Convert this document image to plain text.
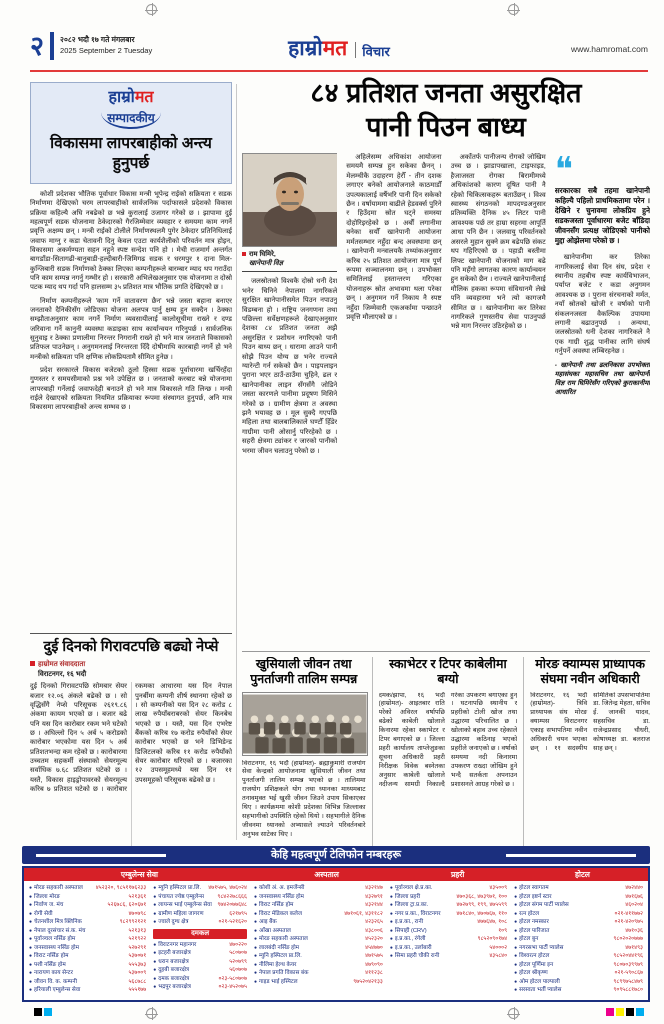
२ २०८२ भदौ १७ गते मंगलबार
2025 September 2 Tuesday	हाम्रोमत विचार	www.hamromat.com
हाम्रोमत
सम्पादकीय
विकासमा लापरबाहीको अन्त्य हुनुपर्छ

कोशी प्रदेशका भौतिक पूर्वाधार विकास मन्त्री भूपेन्द्र राईको सक्रियता र सडक निर्माणमा देखिएको चरम लापरबाहीको सार्वजनिक पर्दाफासले प्रदेशको विकास प्रक्रिया कहिल्यै अघि नबढेको छ भन्ने कुरालाई उजागर गरेको छ । झापामा दुई महत्वपूर्ण सडक योजनामा ठेकेदारको गैरजिम्मेवार व्यवहार र समयमा काम नगर्ने प्रवृत्ति अक्षम्य छन् । मन्त्री राईको टोलीले निर्माणस्थलमै पुगेर ठेकेदार प्रतिनिधिलाई जवाफ माग्नु र कडा चेतावनी दिनु केवल एउटा कार्यशैलीको परिवर्तन मात्र होइन, विकासमा अकर्मण्यता सहन नहुने स्पष्ट सन्देश पनि हो । मेची राजमार्ग अन्तर्गत बागडाँडा-सितागढी-बानुबाडी-हल्दीबारी-जिमिगढ सडक र धरमपुर १ दाना मिल-कुन्जिबारी सडक निर्माणको ठेक्का लिएका कम्पनीहरूले बारम्बार म्याद थप गराउँदा पनि काम सम्पन्न नगर्नु गम्भीर हो । सरकारी अभिलेखअनुसार एक योजनामा त दोस्रो पटक म्याद थप गर्दा पनि हालसम्म ३५ प्रतिशत मात्र भौतिक प्रगति देखिएको छ ।

निर्माण कम्पनीहरूले 'काम गर्ने वातावरण छैन' भन्ने जस्ता बहाना बनाएर जनताको दैनिकीसँग जोडिएका योजना अलपत्र पार्नु क्षम्य हुन सक्दैन । ठेक्का सम्झौताअनुसार काम नगर्ने निर्माण व्यवसायीलाई कालोसूचीमा राख्ने र दण्ड जरिवाना गर्ने कानुनी व्यवस्था कडाइका साथ कार्यान्वयन गरिनुपर्छ । सार्वजनिक सुनुवाइ र ठेक्का प्रणालीमा निरन्तर निगरानी राख्ने हो भने मात्र जनताले विकासको प्रतिफल पाउनेछन् । अनुगमनलाई निरन्तरता दिँदै दोषीमाथि कारबाही नगर्ने हो भने मन्त्रीको सक्रियता पनि क्षणिक लोकप्रियतामै सीमित हुनेछ ।

प्रदेश सरकारले विकास बजेटको ठूलो हिस्सा सडक पूर्वाधारमा खर्चिरहँदा गुणस्तर र समयसीमाको प्रश्न भने उपेक्षित छ । जनताको करबाट बन्ने योजनामा लापरबाही गर्नेलाई जवाफदेही बनाउने हो भने मात्र विकासले गति लिन्छ । मन्त्री राईले देखाएको सक्रियता नियमित प्रक्रियाका रूपमा संस्थागत हुनुपर्छ, अनि मात्र विकासमा लापरबाहीको अन्त्य सम्भव छ ।

दुई दिनको गिरावटपछि बढ्यो नेप्से
हाम्रोमत संवाददाता
विराटनगर, १६ भदौ
दुई दिनको गिरावटपछि सोमबार सेयर बजार १२.०६ अंकले बढेको छ । सो वृद्धिसँगै नेप्से परिसूचक २६१९.८६ अंकमा कायम भएको छ । बजार बढे पनि यस दिन कारोबार रकम भने घटेको छ । अघिल्लो दिन ५ अर्ब ५ करोडको कारोबार भएकोमा यस दिन ५ अर्ब प्रतिशतभन्दा कम रहेको छ । कारोबारमा उच्चतम सहकर्मी संस्थाको सेयरमूल्य सर्वाधिक ७.६८ प्रतिशत घटेको छ । यस्तै, विकास हाइड्रोपावरको सेयरमूल्य करिब ७ प्रतिशत घटेको छ । कारोबार रकमका आधारमा यस दिन नेपाल पुनर्बीमा कम्पनी शीर्ष स्थानमा रहेको छ । सो कम्पनीको यस दिन २८ करोड ८ लाख रुपैयाँबराबरको सेयर किनबेच भएको छ । यस्तै, यस दिन एभरेष्ट बैंकको करिब १७ करोड रुपैयाँको सेयर कारोबार भएको छ भने डिभिडेन्ड डिजिटलको करिब ११ करोड रुपैयाँको सेयर कारोबार धरिएको छ । बजारका १२ उपसमूहमध्ये यस दिन ११ उपसमूहको परिसूचक बढेको छ ।
८४ प्रतिशत जनता असुरक्षित
पानी पिउन बाध्य
राम घिमिरे,
खानेपानी विज्ञ

जलस्रोतको विश्वकै दोस्रो धनी देश भनेर चिनिने नेपालमा नागरिकले सुरक्षित खानेपानीसमेत पिउन नपाउनु विडम्बना हो । राष्ट्रिय जनगणना तथा पछिल्ला सर्वेक्षणहरूले देखाएअनुसार देशका ८४ प्रतिशत जनता अझै असुरक्षित र प्रशोधन नगरिएको पानी पिउन बाध्य छन् । धारामा आउने पानी सोझै पिउन योग्य छ भनेर राज्यले ग्यारेन्टी गर्न सकेको छैन । पाइपलाइन पुराना भएर ठाउँ-ठाउँमा चुहिने, ढल र खानेपानीका लाइन सँगसँगै जोडिने जस्ता कारणले पानीमा प्रदूषण मिसिने गरेको छ । ग्रामीण क्षेत्रमा त अवस्था झनै भयावह छ । मूल सुक्दै गएपछि महिला तथा बालबालिकाले घण्टौँ हिँडेर गाग्रीमा पानी ओसार्नु परिरहेको छ । सहरी क्षेत्रमा ट्यांकर र जारको पानीको भरमा जीवन चलाउनु परेको छ ।

अहिलेसम्म अधिकांश आयोजना समयमै सम्पन्न हुन सकेका छैनन् । मेलम्चीकै उदाहरण हेरौँ - तीन दशक लगाएर बनेको आयोजनाले काठमाडौँ उपत्यकालाई वर्षैभरि पानी दिन सकेको छैन । वर्षायाममा बाढीले हेडवर्क्स पुरिने र हिउँदमा स्रोत घट्ने समस्या दोहोरिइरहेको छ । अर्बौं लगानीमा बनेका सयौँ खानेपानी आयोजना मर्मतसम्भार नहुँदा बन्द अवस्थामा छन् । खानेपानी मन्त्रालयकै तथ्यांकअनुसार करिब २५ प्रतिशत आयोजना मात्र पूर्ण रूपमा सञ्चालनमा छन् । उपभोक्ता समितिलाई हस्तान्तरण गरिएका योजनाहरू स्रोत अभावमा थला परेका छन् । अनुगमन गर्ने निकाय नै स्पष्ट नहुँदा जिम्मेवारी एकअर्कामा पन्छाउने प्रवृत्ति मौलाएको छ ।

अर्कोतर्फ पानीजन्य रोगको जोखिम उच्च छ । झाडापखाला, टाइफाइड, हैजाजस्ता रोगका बिरामीमध्ये अधिकांशको कारण दूषित पानी नै रहेको चिकित्सकहरू बताउँछन् । विश्व स्वास्थ्य संगठनको मापदण्डअनुसार प्रतिव्यक्ति दैनिक ४५ लिटर पानी आवश्यक पर्छ तर हाम्रा सहरमा आपूर्ति आधा पनि छैन । जलवायु परिवर्तनको असरले मुहान सुक्ने क्रम बढेपछि संकट थप गहिरिएको छ । पहाडी बस्तीमा लिफ्ट खानेपानी योजनाको माग बढे पनि महँगो लागतका कारण कार्यान्वयन हुन सकेको छैन । राज्यले खानेपानीलाई मौलिक हकका रूपमा संविधानमै लेखे पनि व्यवहारमा भने त्यो कागजमै सीमित छ । खानेपानीमा कर तिरेका नागरिकले गुणस्तरीय सेवा पाउनुपर्छ भन्ने माग निरन्तर उठिरहेको छ ।

❝
सरकारका सबै तहमा खानेपानी कहिल्यै पहिलो प्राथमिकतामा परेन । देखिने र चुनावमा लोकप्रिय हुने सडकजस्ता पूर्वाधारमा बजेट बाँडिदा जीवनसँग प्रत्यक्ष जोडिएको पानीको मुद्दा ओझेलमा परेको छ ।

खानेपानीमा कर तिरेका नागरिकलाई सेवा दिन संघ, प्रदेश र स्थानीय तहबीच स्पष्ट कार्यविभाजन, पर्याप्त बजेट र कडा अनुगमन आवश्यक छ । पुराना संरचनाको मर्मत, नयाँ स्रोतको खोजी र वर्षाको पानी संकलनजस्ता वैकल्पिक उपायमा लगानी बढाउनुपर्छ । अन्यथा, जलस्रोतको धनी देशका नागरिकले नै एक गाग्री शुद्ध पानीका लागि संघर्ष गर्नुपर्ने अवस्था लम्बिरहनेछ ।

- खानेपानी तथा ढलनिकास उपभोक्ता महासंघका महासचिव तथा खानेपानी विज्ञ राम घिमिरेसँग गरिएको कुराकानीमा आधारित
खुसियाली जीवन तथा
पुनर्ताजगी तालिम सम्पन्न
विराटनगर, १६ भदौ (हाम्रोमत)- ब्रह्माकुमारी राजयोग सेवा केन्द्रको आयोजनामा खुसियाली जीवन तथा पुनर्ताजगी तालिम सम्पन्न भएको छ । तालिममा राजयोग प्रशिक्षकले योग तथा ध्यानका माध्यमबाट तनावमुक्त भई खुसी जीवन जिउने उपाय सिकाएका थिए । कार्यक्रममा कोशी प्रदेशका विभिन्न जिल्लाका सहभागीको उपस्थिति रहेको थियो । सहभागीले दैनिक जीवनमा ध्यानको अभ्यासले ल्याउने परिवर्तनबारे अनुभव साटेका थिए ।
स्काभेटर र टिपर काबेलीमा बग्यो
दमक/झापा, १६ भदौ (हाम्रोमत)- आइतबार राति परेको अविरल वर्षापछि बढेको काबेली खोलाले किनारमा रहेका स्काभेटर र टिपर बगाएको छ । जिल्ला प्रहरी कार्यालय ताप्लेजुङका सूचना अधिकारी प्रहरी निरीक्षक विवेक बस्नेतका अनुसार काबेली खोलाले नदीजन्य सामग्री निकाल्दै गरेका उपकरण बगाएका हुन् । घटनापछि स्थानीय र प्रहरीको टोली खोज तथा उद्धारमा परिचालित छ । खोलाको बहाव उच्च रहेकाले उद्धारमा कठिनाइ भएको प्रहरीले जनाएको छ । वर्षाको समयमा नदी किनारमा उपकरण राख्दा जोखिम हुने भन्दै सतर्कता अपनाउन प्रशासनले आग्रह गरेको छ ।
मोरङ क्याम्पस प्राध्यापक
संघमा नवीन अधिकारी
विराटनगर, १६ भदौ (हाम्रोमत)- त्रिवि प्राध्यापक संघ मोरङ क्याम्पस विराटनगर एकाइ सभापतिमा नवीन अधिकारी चयन भएका छन् । ११ सदस्यीय समितिको उपसभापतिमा डा. जितेन्द्र मेहता, सचिव ई. जानकी यादव, सहसचिव डा. राजेन्द्रप्रसाद चौधरी, कोषाध्यक्ष डा. बलराज साह छन् ।
केहि महत्वपूर्ण टेलिफोन नम्बरहरू
एम्बुलेन्स सेवा	अस्पताल	प्रहरी	होटल
● मोरङ सहकारी अस्पताल	४५२३२०, ९८५११७६२३३
● जिल्ला मोरङ	५२१३६१
● निर्वाण ज. मंच	५२६७८६, ६२०६७१
● रोगी सेवी	४७०७९८
● चेतनशील मित्र क्लिनिक	९८२९९२१२१
● नेपाल दूरसंचार सं.क. मंच	५२१३१३
● पूर्वाञ्चल नर्सिङ होम	५२१९२२
● जनस्वास्थ्य नर्सिङ होम	५२७२९१
● विराट नर्सिङ होम	५३७०७१
● पशी नर्सिङ होम	५५५३७३
● नारायण काय सेन्टर	५३७००९
● जीवन वि. क. कम्पनी	५६८७८८
● हरियाली एम्बुलेन्स सेवा	५५५१७७
● म्युनि हस्पिटल प्रा.लि.	४७१५७५, ४७६०२४
● पंचायत ज्येष्ठ एम्बुलेन्स	९८४२२७८६६६
● लायन्स भाई एम्बुलेन्स सेवा ९७४२०७७६४८
● ग्रामीण महिला जागरण	६२१७९५
● ज्वाले दुग्ध क्षेत्र	०२१-५२१६२०
दमकल
● विराटनगर महानगर	४७०२२०
● इटहरी बजारक्षेत्र	५८०७०७
● धरान बजारक्षेत्र	५२०७९९
● दुहबी बजारक्षेत्र	५६०७०७
● दमक बजारक्षेत्र	०२३-५८०७०७
● भद्रपुर बजारक्षेत्र	०२३-४५२०७५
● कोशी अं. अ. इमर्जेन्सी	४३२१४७
● जनस्वास्थ्य नर्सिङ होम	४३२७९१
● विराट नर्सिङ होम	४३२१४४
● विराट मेडिकल कलेज	४७१०६१, ४३११८२
● आइ बैंक	४२३२६५
● आँखा अस्पताल	४३८००६
● मोरङ सहकारी अस्पताल	४५२३२०
● लालबंदी नर्सिङ होम	४५४७७०
● म्युनि हस्पिटल प्रा.लि.	४७१५७५
● नीलिमा हेल्थ केयर	४७९०९०
● नेपाल प्रगति विकास बंक	४११२३८
● गाइड भाई हस्पिटल	९७५२०४२१३३
● पूर्वाञ्चल क्षे.प्र.का.	४३५००९
● जिल्ला प्रहरी	४७०३६८, ४७३९७१, १००
● जिल्ला ट्रा.प्र.का.	४७२७९९, १९९, ४७५५९९
● नगर प्र.का., विराटनगर	४७१८४०, ४७०७६७, ११०
● इ.प्र.का., रानी	४७७६४७, १०८
● सिपाही (CRV)	१०९
● इ.प्र.का., रंगेली	९८५२०९०१७४
● इ.प्र.का., उर्लाबारी	५४०००२
● सिमा प्रहरी चौकी रानी	४३५८४०
● होटल स्वागतम	४७२४४०
● होटल इष्टर्न स्टार	४७१६७६
● होटल संगम पार्टी प्यालेस	४६०२०४
● रत्न होटल	०२१-४११७७२
● होटल नमस्कार	०२१-४२०९७५
● होटल पारिजात	४७१०३६
● होटल बुन	९८०२०२०७७७
● नगरसभा पार्टी प्यालेस	४७१४९३
● विश्वरत्न होटल	९८५२०४४१९६
● होटल पूर्णिमा इन	९८०७०३९९७९
● होटल श्रीकृष्ण	०२१-५९०८६७
● ओम होटल पाल्पाली	९८९९७५८४७९
● सरस्वता भर्ती प्यालेस	९०९५८८१७८०
